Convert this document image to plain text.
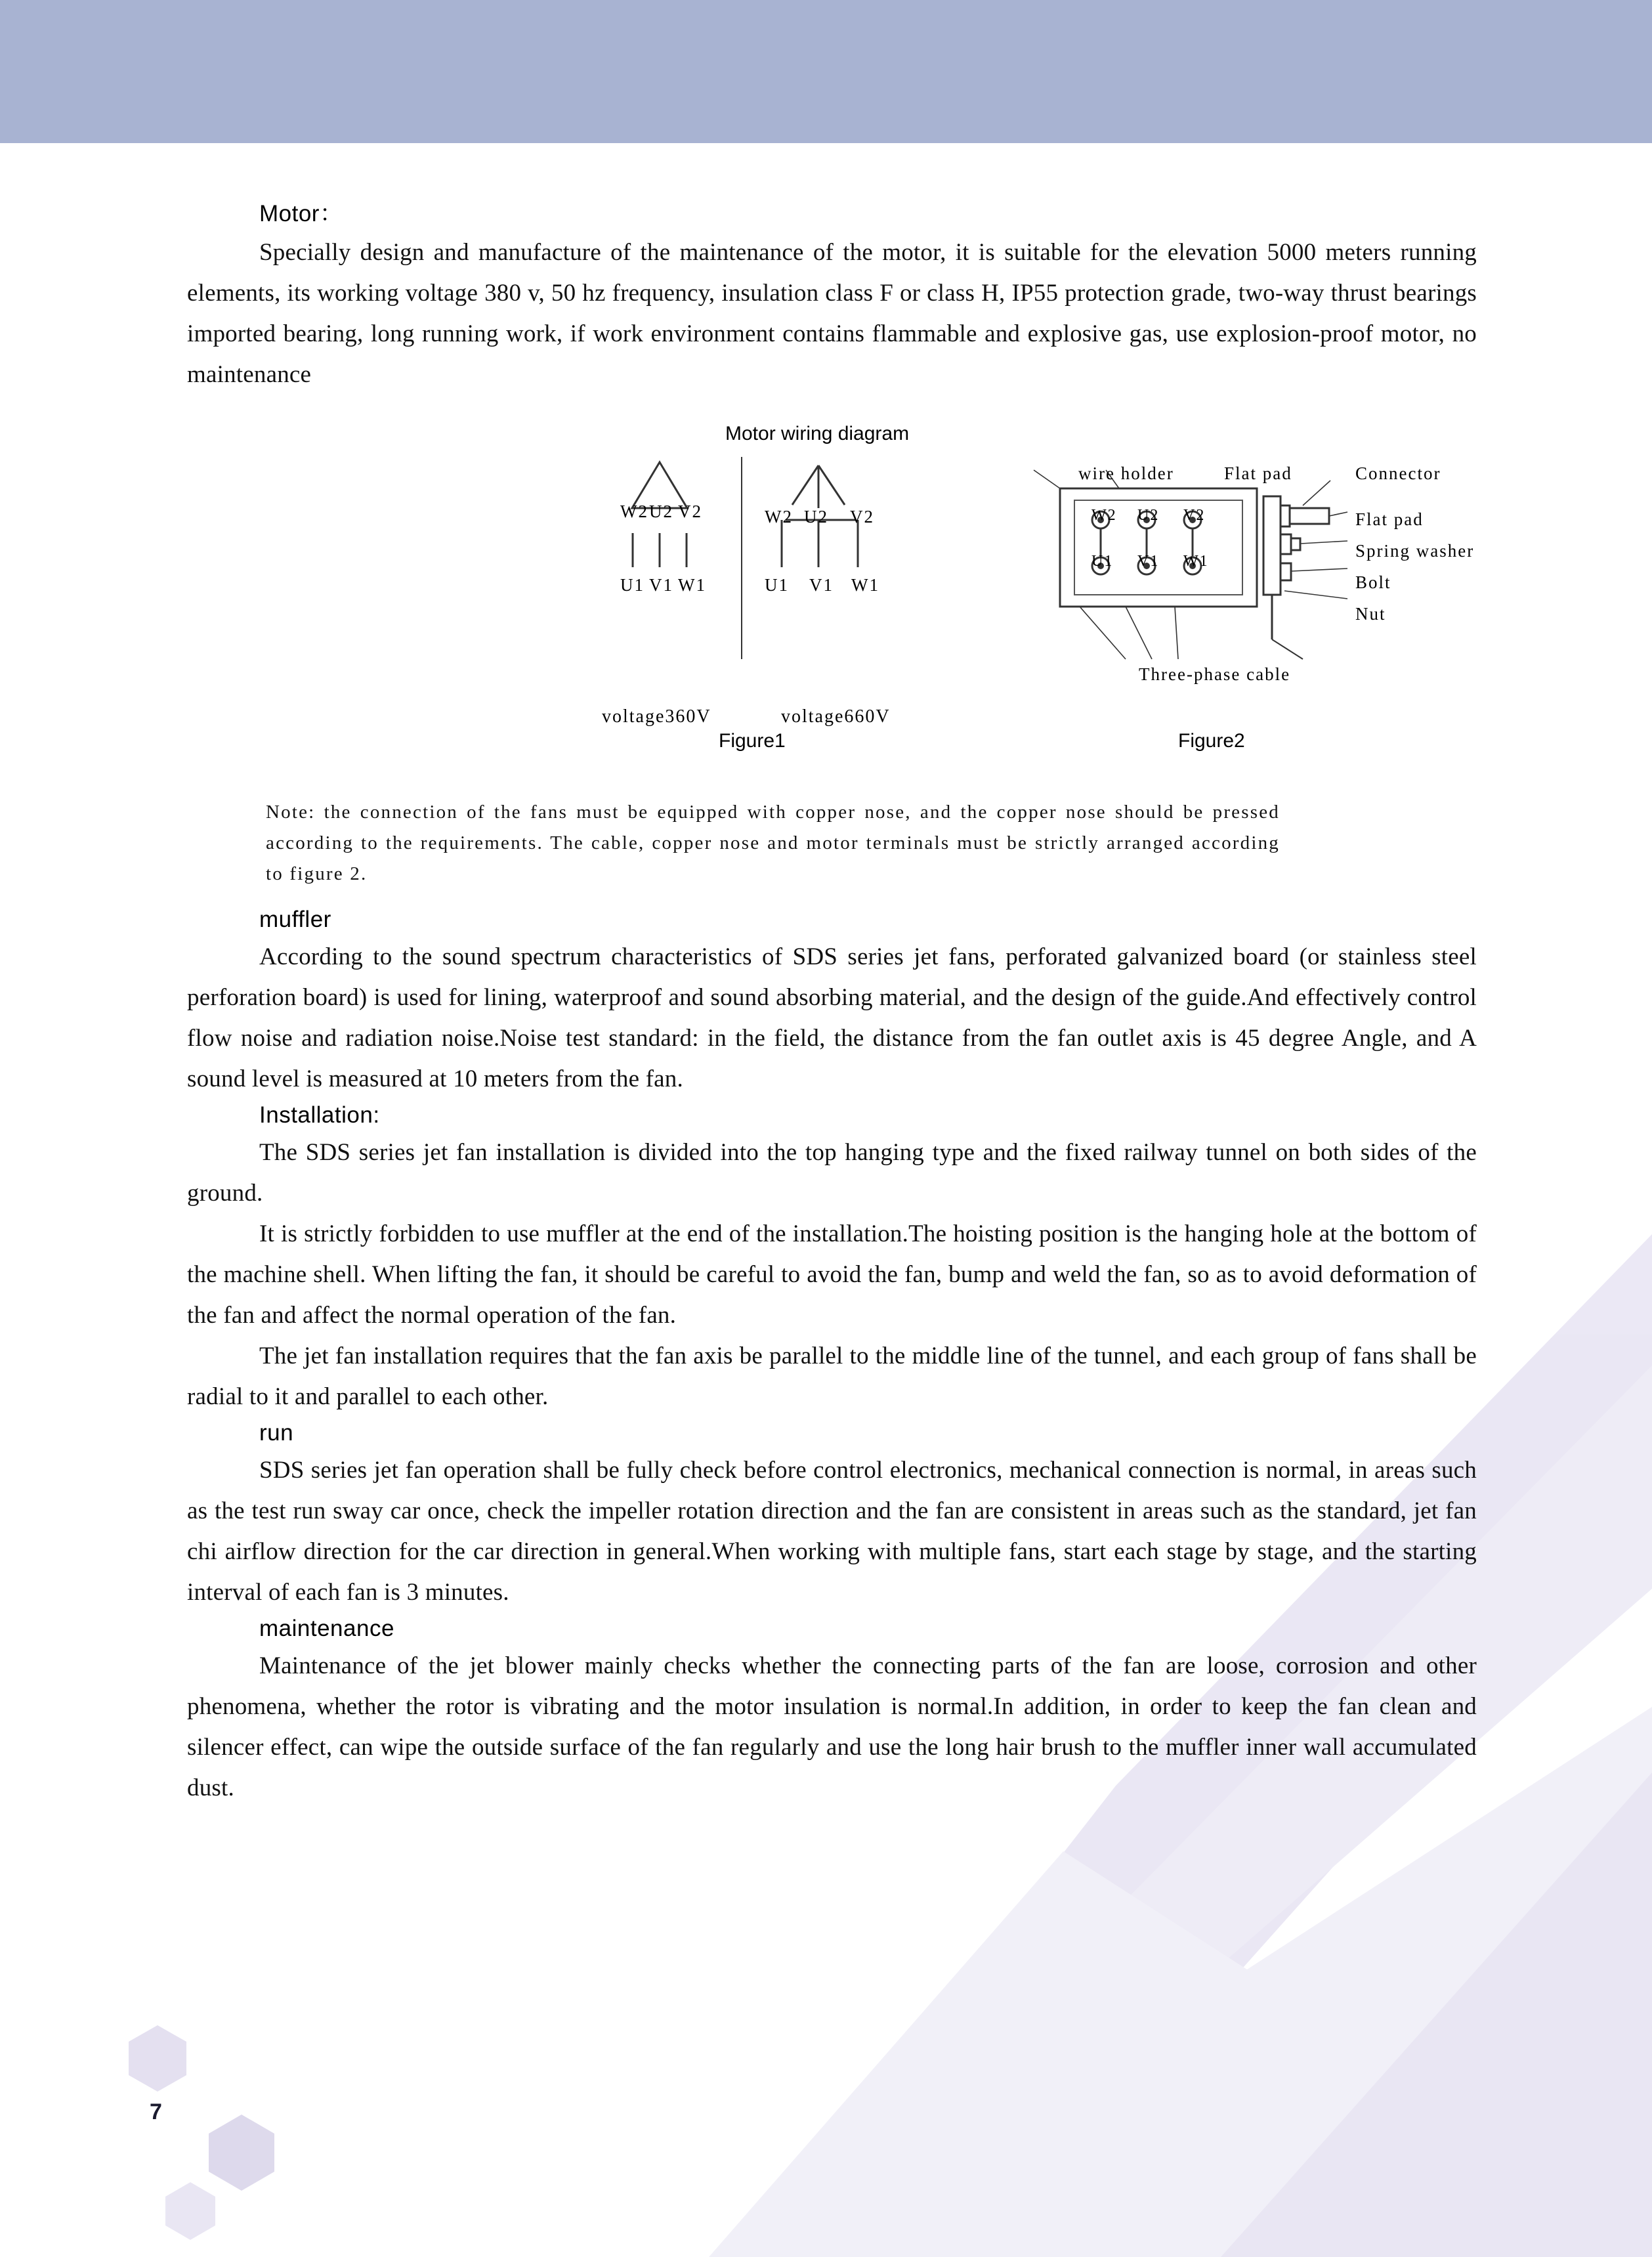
Motor：

Specially design and manufacture of the maintenance of the motor, it is suitable for the elevation 5000 meters running elements, its working voltage 380 v, 50 hz frequency, insulation class F or class H, IP55 protection grade, two-way thrust bearings imported bearing, long running work, if work environment contains flammable and explosive gas, use explosion-proof motor, no maintenance

Motor wiring diagram
W2 U2 V2
U1 V1 W1
W2 U2 V2
U1 V1 W1
W2 U2 V2
U1 V1 W1
wire holder	Flat pad	Connector
Flat pad
Spring washer
Bolt
Nut
Three-phase cable
voltage360V	voltage660V
Figure1	Figure2
Note: the connection of the fans must be equipped with copper nose, and the copper nose should be pressed according to the requirements. The cable, copper nose and motor terminals must be strictly arranged according to figure 2.
muffler

According to the sound spectrum characteristics of SDS series jet fans, perforated galvanized board (or stainless steel perforation board) is used for lining, waterproof and sound absorbing material, and the design of the guide.And effectively control flow noise and radiation noise.Noise test standard: in the field, the distance from the fan outlet axis is 45 degree Angle, and A sound level is measured at 10 meters from the fan.

Installation:

The SDS series jet fan installation is divided into the top hanging type and the fixed railway tunnel on both sides of the ground.

It is strictly forbidden to use muffler at the end of the installation.The hoisting position is the hanging hole at the bottom of the machine shell. When lifting the fan, it should be careful to avoid the fan, bump and weld the fan, so as to avoid deformation of the fan and affect the normal operation of the fan.

The jet fan installation requires that the fan axis be parallel to the middle line of the tunnel, and each group of fans shall be radial to it and parallel to each other.

run

SDS series jet fan operation shall be fully check before control electronics, mechanical connection is normal, in areas such as the test run sway car once, check the impeller rotation direction and the fan are consistent in areas such as the standard, jet fan chi airflow direction for the car direction in general.When working with multiple fans, start each stage by stage, and the starting interval of each fan is 3 minutes.

maintenance

Maintenance of the jet blower mainly checks whether the connecting parts of the fan are loose, corrosion and other phenomena, whether the rotor is vibrating and the motor insulation is normal.In addition, in order to keep the fan clean and silencer effect, can wipe the outside surface of the fan regularly and use the long hair brush to the muffler inner wall accumulated dust.

7
